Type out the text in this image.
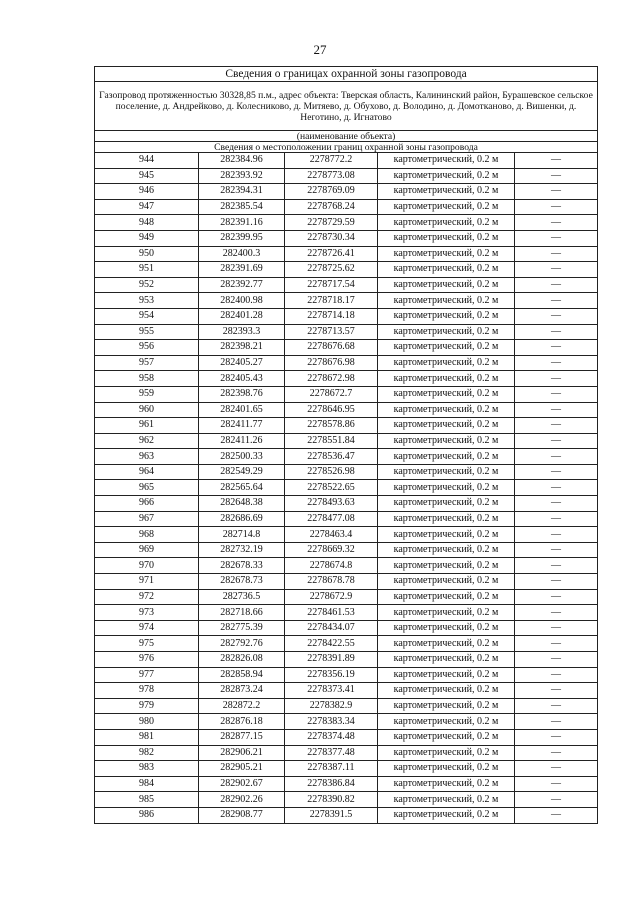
27
Сведения о границах охранной зоны газопровода				
Газопровод протяженностью 30328,85 п.м., адрес объекта: Тверская область, Калининский район, Бурашевское сельское поселение, д. Андрейково, д. Колесниково, д. Митяево, д. Обухово, д. Володино, д. Домотканово, д. Вишенки, д. Неготино, д. Игнатово				
(наименование объекта)				
Сведения о местоположении границ охранной зоны газопровода				
944	282384.96	2278772.2	картометрический, 0.2 м	—
945	282393.92	2278773.08	картометрический, 0.2 м	—
946	282394.31	2278769.09	картометрический, 0.2 м	—
947	282385.54	2278768.24	картометрический, 0.2 м	—
948	282391.16	2278729.59	картометрический, 0.2 м	—
949	282399.95	2278730.34	картометрический, 0.2 м	—
950	282400.3	2278726.41	картометрический, 0.2 м	—
951	282391.69	2278725.62	картометрический, 0.2 м	—
952	282392.77	2278717.54	картометрический, 0.2 м	—
953	282400.98	2278718.17	картометрический, 0.2 м	—
954	282401.28	2278714.18	картометрический, 0.2 м	—
955	282393.3	2278713.57	картометрический, 0.2 м	—
956	282398.21	2278676.68	картометрический, 0.2 м	—
957	282405.27	2278676.98	картометрический, 0.2 м	—
958	282405.43	2278672.98	картометрический, 0.2 м	—
959	282398.76	2278672.7	картометрический, 0.2 м	—
960	282401.65	2278646.95	картометрический, 0.2 м	—
961	282411.77	2278578.86	картометрический, 0.2 м	—
962	282411.26	2278551.84	картометрический, 0.2 м	—
963	282500.33	2278536.47	картометрический, 0.2 м	—
964	282549.29	2278526.98	картометрический, 0.2 м	—
965	282565.64	2278522.65	картометрический, 0.2 м	—
966	282648.38	2278493.63	картометрический, 0.2 м	—
967	282686.69	2278477.08	картометрический, 0.2 м	—
968	282714.8	2278463.4	картометрический, 0.2 м	—
969	282732.19	2278669.32	картометрический, 0.2 м	—
970	282678.33	2278674.8	картометрический, 0.2 м	—
971	282678.73	2278678.78	картометрический, 0.2 м	—
972	282736.5	2278672.9	картометрический, 0.2 м	—
973	282718.66	2278461.53	картометрический, 0.2 м	—
974	282775.39	2278434.07	картометрический, 0.2 м	—
975	282792.76	2278422.55	картометрический, 0.2 м	—
976	282826.08	2278391.89	картометрический, 0.2 м	—
977	282858.94	2278356.19	картометрический, 0.2 м	—
978	282873.24	2278373.41	картометрический, 0.2 м	—
979	282872.2	2278382.9	картометрический, 0.2 м	—
980	282876.18	2278383.34	картометрический, 0.2 м	—
981	282877.15	2278374.48	картометрический, 0.2 м	—
982	282906.21	2278377.48	картометрический, 0.2 м	—
983	282905.21	2278387.11	картометрический, 0.2 м	—
984	282902.67	2278386.84	картометрический, 0.2 м	—
985	282902.26	2278390.82	картометрический, 0.2 м	—
986	282908.77	2278391.5	картометрический, 0.2 м	—
